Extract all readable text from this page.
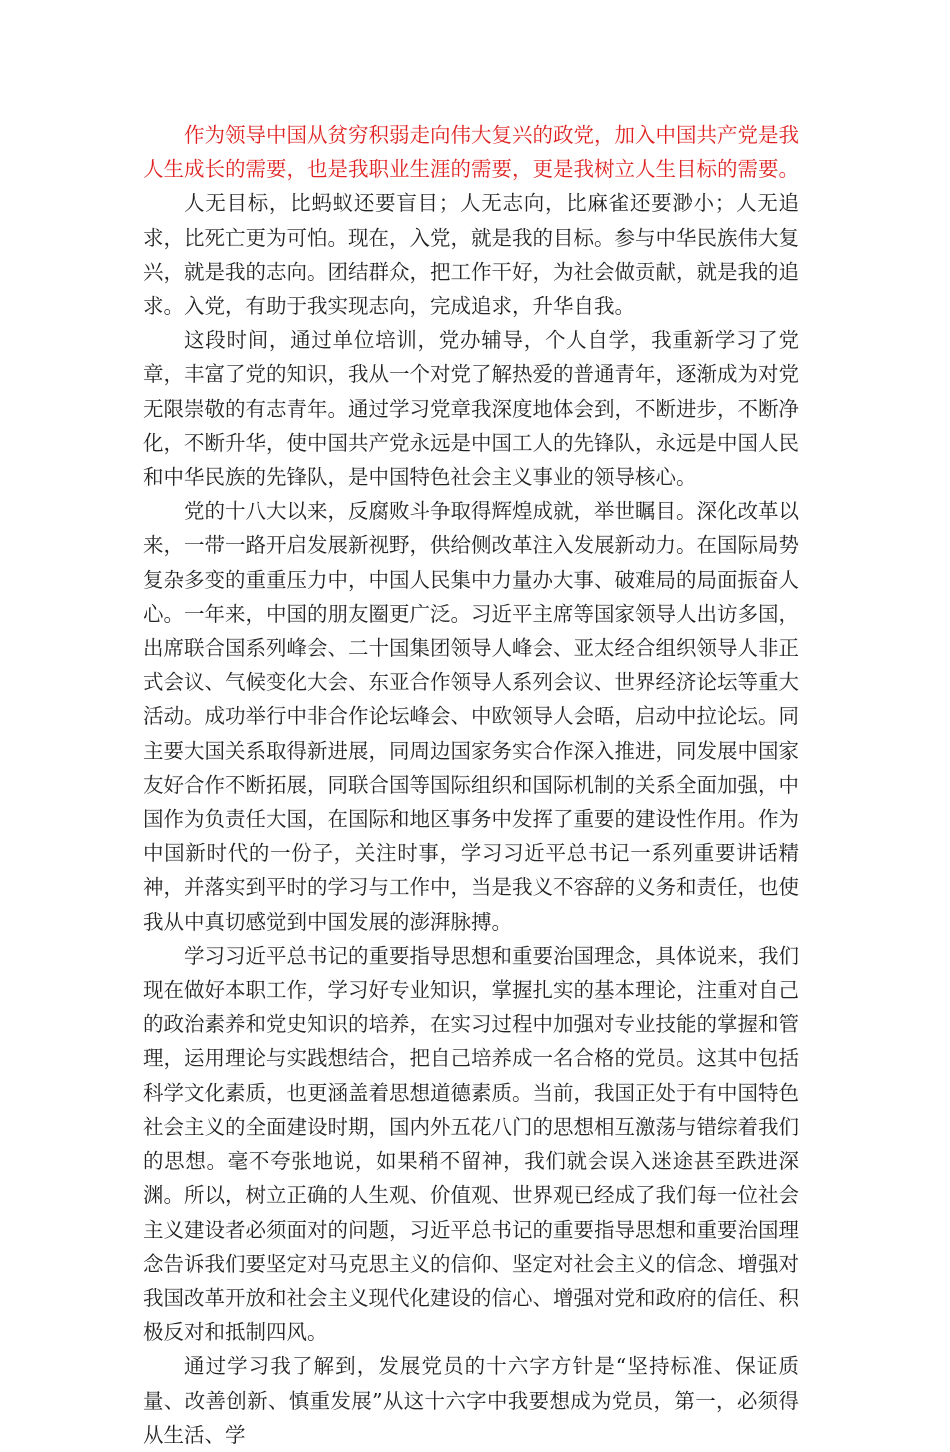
作为领导中国从贫穷积弱走向伟大复兴的政党，加入中国共产党是我人生成长的需要，也是我职业生涯的需要，更是我树立人生目标的需要。

人无目标，比蚂蚁还要盲目；人无志向，比麻雀还要渺小；人无追求，比死亡更为可怕。现在，入党，就是我的目标。参与中华民族伟大复兴，就是我的志向。团结群众，把工作干好，为社会做贡献，就是我的追求。入党，有助于我实现志向，完成追求，升华自我。

这段时间，通过单位培训，党办辅导，个人自学，我重新学习了党章，丰富了党的知识，我从一个对党了解热爱的普通青年，逐渐成为对党无限崇敬的有志青年。通过学习党章我深度地体会到，不断进步，不断净化，不断升华，使中国共产党永远是中国工人的先锋队，永远是中国人民和中华民族的先锋队，是中国特色社会主义事业的领导核心。

党的十八大以来，反腐败斗争取得辉煌成就，举世瞩目。深化改革以来，一带一路开启发展新视野，供给侧改革注入发展新动力。在国际局势复杂多变的重重压力中，中国人民集中力量办大事、破难局的局面振奋人心。一年来，中国的朋友圈更广泛。习近平主席等国家领导人出访多国，出席联合国系列峰会、二十国集团领导人峰会、亚太经合组织领导人非正式会议、气候变化大会、东亚合作领导人系列会议、世界经济论坛等重大活动。成功举行中非合作论坛峰会、中欧领导人会晤，启动中拉论坛。同主要大国关系取得新进展，同周边国家务实合作深入推进，同发展中国家友好合作不断拓展，同联合国等国际组织和国际机制的关系全面加强，中国作为负责任大国，在国际和地区事务中发挥了重要的建设性作用。作为中国新时代的一份子，关注时事，学习习近平总书记一系列重要讲话精神，并落实到平时的学习与工作中，当是我义不容辞的义务和责任，也使我从中真切感觉到中国发展的澎湃脉搏。

学习习近平总书记的重要指导思想和重要治国理念，具体说来，我们现在做好本职工作，学习好专业知识，掌握扎实的基本理论，注重对自己的政治素养和党史知识的培养，在实习过程中加强对专业技能的掌握和管理，运用理论与实践想结合，把自己培养成一名合格的党员。这其中包括科学文化素质，也更涵盖着思想道德素质。当前，我国正处于有中国特色社会主义的全面建设时期，国内外五花八门的思想相互激荡与错综着我们的思想。毫不夸张地说，如果稍不留神，我们就会误入迷途甚至跌进深渊。所以，树立正确的人生观、价值观、世界观已经成了我们每一位社会主义建设者必须面对的问题，习近平总书记的重要指导思想和重要治国理念告诉我们要坚定对马克思主义的信仰、坚定对社会主义的信念、增强对我国改革开放和社会主义现代化建设的信心、增强对党和政府的信任、积极反对和抵制四风。

通过学习我了解到，发展党员的十六字方针是“坚持标准、保证质量、改善创新、慎重发展”从这十六字中我要想成为党员，第一，必须得从生活、学
